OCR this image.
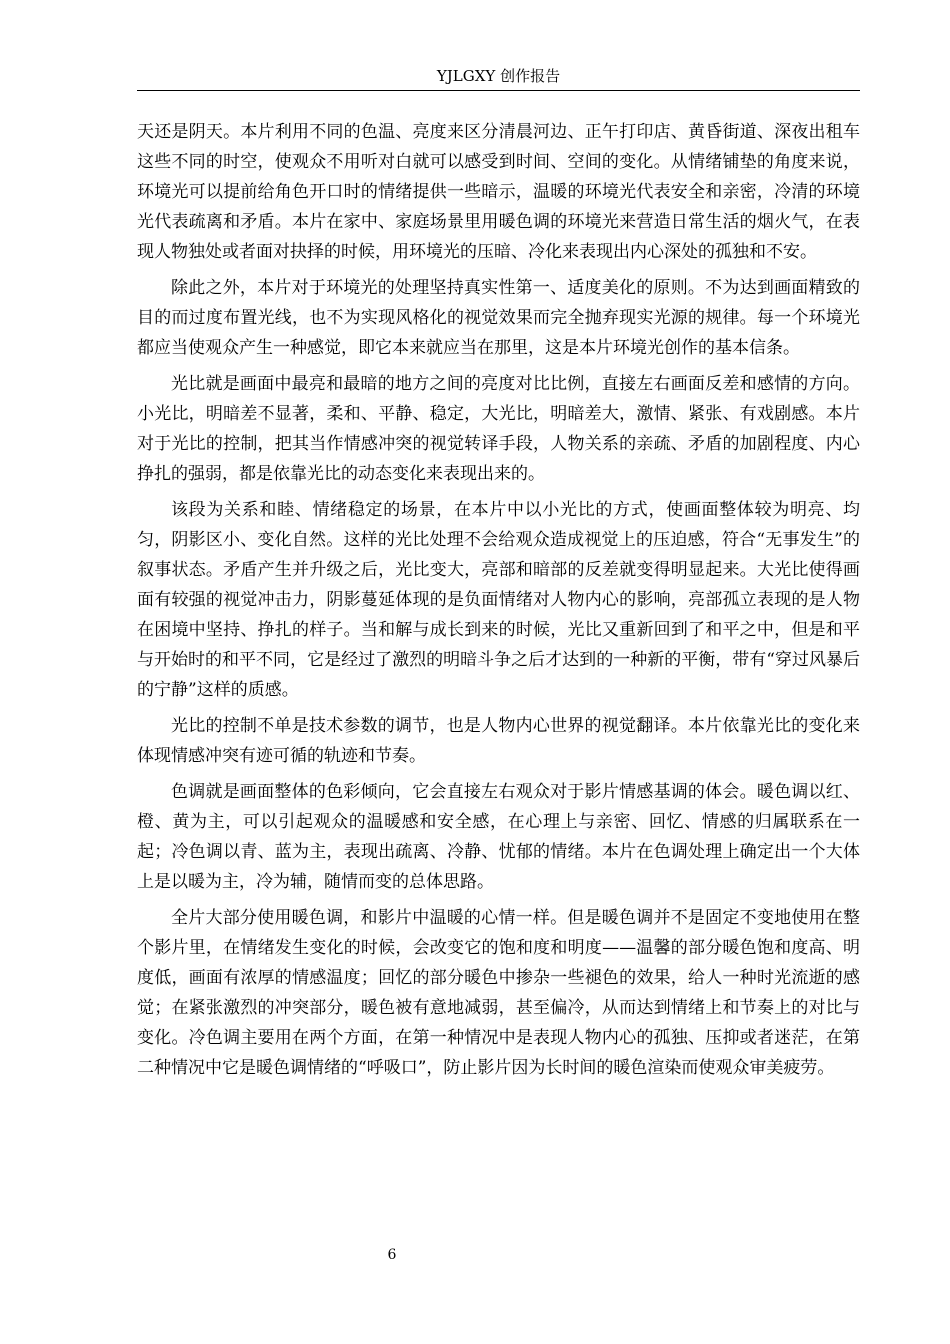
YJLGXY 创作报告

天还是阴天。本片利用不同的色温、亮度来区分清晨河边、正午打印店、黄昏街道、深夜出租车这些不同的时空，使观众不用听对白就可以感受到时间、空间的变化。从情绪铺垫的角度来说，环境光可以提前给角色开口时的情绪提供一些暗示，温暖的环境光代表安全和亲密，冷清的环境光代表疏离和矛盾。本片在家中、家庭场景里用暖色调的环境光来营造日常生活的烟火气，在表现人物独处或者面对抉择的时候，用环境光的压暗、冷化来表现出内心深处的孤独和不安。

除此之外，本片对于环境光的处理坚持真实性第一、适度美化的原则。不为达到画面精致的目的而过度布置光线，也不为实现风格化的视觉效果而完全抛弃现实光源的规律。每一个环境光都应当使观众产生一种感觉，即它本来就应当在那里，这是本片环境光创作的基本信条。

光比就是画面中最亮和最暗的地方之间的亮度对比比例，直接左右画面反差和感情的方向。小光比，明暗差不显著，柔和、平静、稳定，大光比，明暗差大，激情、紧张、有戏剧感。本片对于光比的控制，把其当作情感冲突的视觉转译手段，人物关系的亲疏、矛盾的加剧程度、内心挣扎的强弱，都是依靠光比的动态变化来表现出来的。

该段为关系和睦、情绪稳定的场景，在本片中以小光比的方式，使画面整体较为明亮、均匀，阴影区小、变化自然。这样的光比处理不会给观众造成视觉上的压迫感，符合“无事发生”的叙事状态。矛盾产生并升级之后，光比变大，亮部和暗部的反差就变得明显起来。大光比使得画面有较强的视觉冲击力，阴影蔓延体现的是负面情绪对人物内心的影响，亮部孤立表现的是人物在困境中坚持、挣扎的样子。当和解与成长到来的时候，光比又重新回到了和平之中，但是和平与开始时的和平不同，它是经过了激烈的明暗斗争之后才达到的一种新的平衡，带有“穿过风暴后的宁静”这样的质感。

光比的控制不单是技术参数的调节，也是人物内心世界的视觉翻译。本片依靠光比的变化来体现情感冲突有迹可循的轨迹和节奏。

色调就是画面整体的色彩倾向，它会直接左右观众对于影片情感基调的体会。暖色调以红、橙、黄为主，可以引起观众的温暖感和安全感，在心理上与亲密、回忆、情感的归属联系在一起；冷色调以青、蓝为主，表现出疏离、冷静、忧郁的情绪。本片在色调处理上确定出一个大体上是以暖为主，冷为辅，随情而变的总体思路。

全片大部分使用暖色调，和影片中温暖的心情一样。但是暖色调并不是固定不变地使用在整个影片里，在情绪发生变化的时候，会改变它的饱和度和明度——温馨的部分暖色饱和度高、明度低，画面有浓厚的情感温度；回忆的部分暖色中掺杂一些褪色的效果，给人一种时光流逝的感觉；在紧张激烈的冲突部分，暖色被有意地减弱，甚至偏冷，从而达到情绪上和节奏上的对比与变化。冷色调主要用在两个方面，在第一种情况中是表现人物内心的孤独、压抑或者迷茫，在第二种情况中它是暖色调情绪的“呼吸口”，防止影片因为长时间的暖色渲染而使观众审美疲劳。

6
